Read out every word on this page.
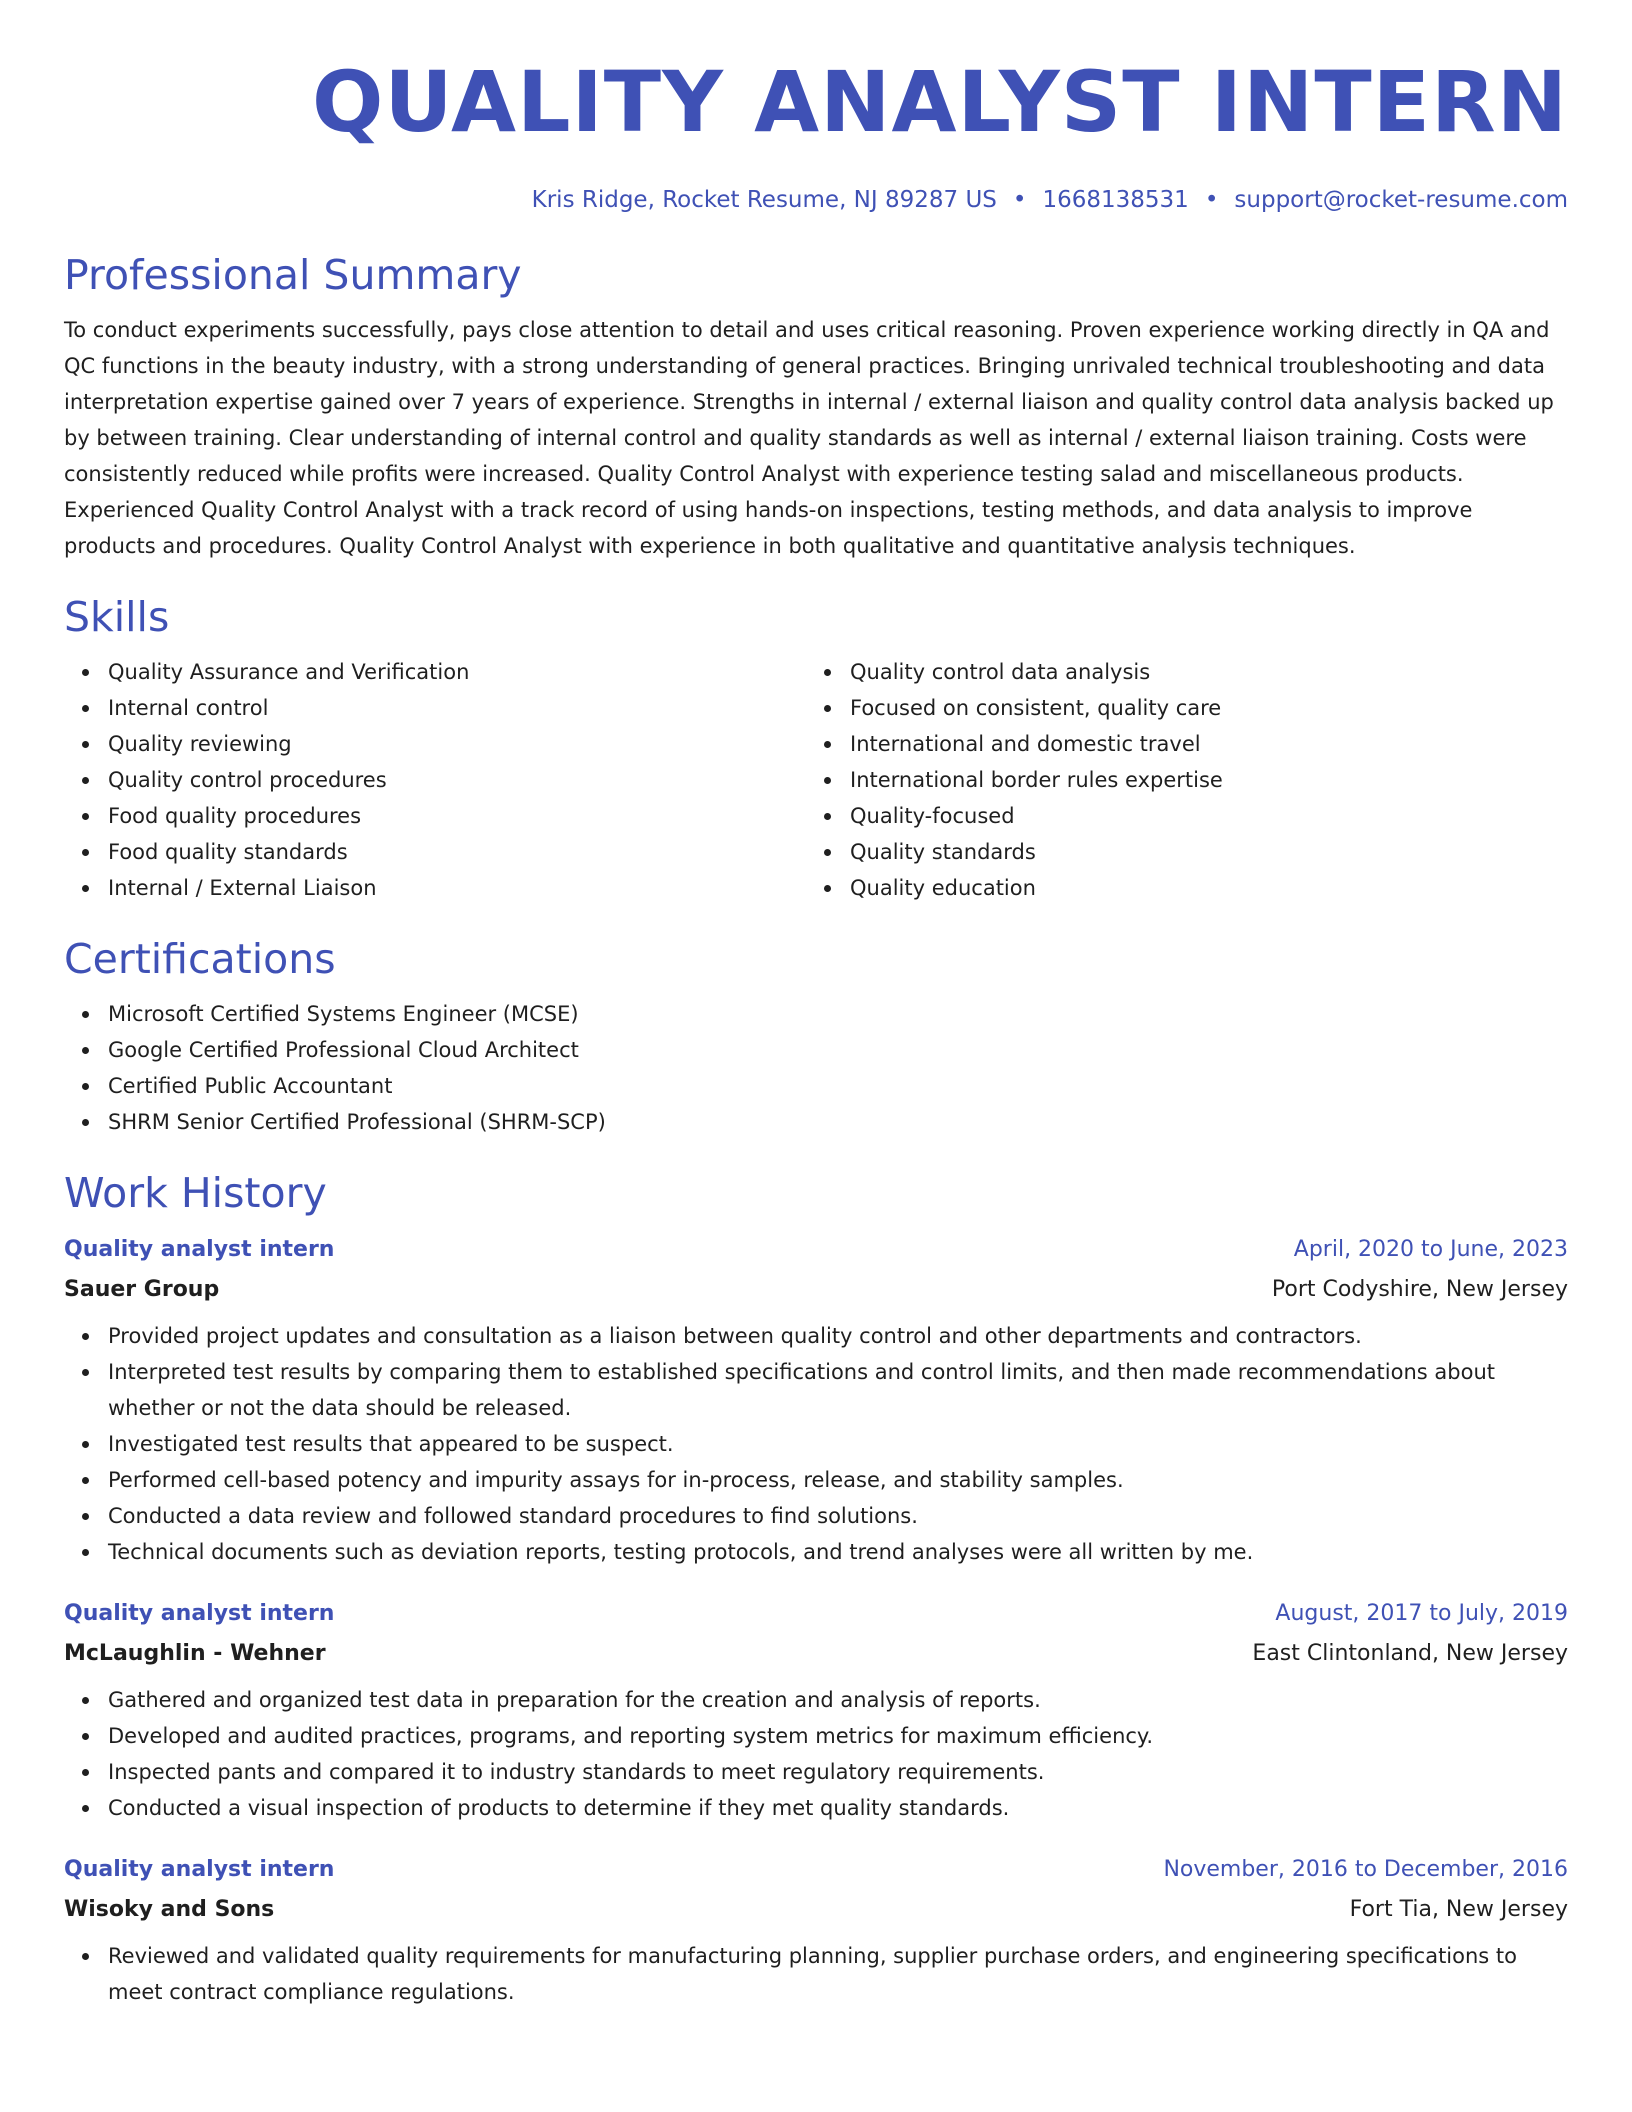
QUALITY ANALYST INTERN
Kris Ridge, Rocket Resume, NJ 89287 US • 1668138531 • support@rocket-resume.com
Professional Summary

To conduct experiments successfully, pays close attention to detail and uses critical reasoning. Proven experience working directly in QA and QC functions in the beauty industry, with a strong understanding of general practices. Bringing unrivaled technical troubleshooting and data interpretation expertise gained over 7 years of experience. Strengths in internal / external liaison and quality control data analysis backed up by between training. Clear understanding of internal control and quality standards as well as internal / external liaison training. Costs were consistently reduced while profits were increased. Quality Control Analyst with experience testing salad and miscellaneous products. Experienced Quality Control Analyst with a track record of using hands-on inspections, testing methods, and data analysis to improve products and procedures. Quality Control Analyst with experience in both qualitative and quantitative analysis techniques.

Skills
Quality Assurance and Verification
Internal control
Quality reviewing
Quality control procedures
Food quality procedures
Food quality standards
Internal / External Liaison
Quality control data analysis
Focused on consistent, quality care
International and domestic travel
International border rules expertise
Quality-focused
Quality standards
Quality education
Certifications
Microsoft Certified Systems Engineer (MCSE)
Google Certified Professional Cloud Architect
Certified Public Accountant
SHRM Senior Certified Professional (SHRM-SCP)
Work History
Quality analyst intern	April, 2020 to June, 2023
Sauer Group	Port Codyshire, New Jersey
Provided project updates and consultation as a liaison between quality control and other departments and contractors.
Interpreted test results by comparing them to established specifications and control limits, and then made recommendations about whether or not the data should be released.
Investigated test results that appeared to be suspect.
Performed cell-based potency and impurity assays for in-process, release, and stability samples.
Conducted a data review and followed standard procedures to find solutions.
Technical documents such as deviation reports, testing protocols, and trend analyses were all written by me.
Quality analyst intern	August, 2017 to July, 2019
McLaughlin - Wehner	East Clintonland, New Jersey
Gathered and organized test data in preparation for the creation and analysis of reports.
Developed and audited practices, programs, and reporting system metrics for maximum efficiency.
Inspected pants and compared it to industry standards to meet regulatory requirements.
Conducted a visual inspection of products to determine if they met quality standards.
Quality analyst intern	November, 2016 to December, 2016
Wisoky and Sons	Fort Tia, New Jersey
Reviewed and validated quality requirements for manufacturing planning, supplier purchase orders, and engineering specifications to meet contract compliance regulations.
